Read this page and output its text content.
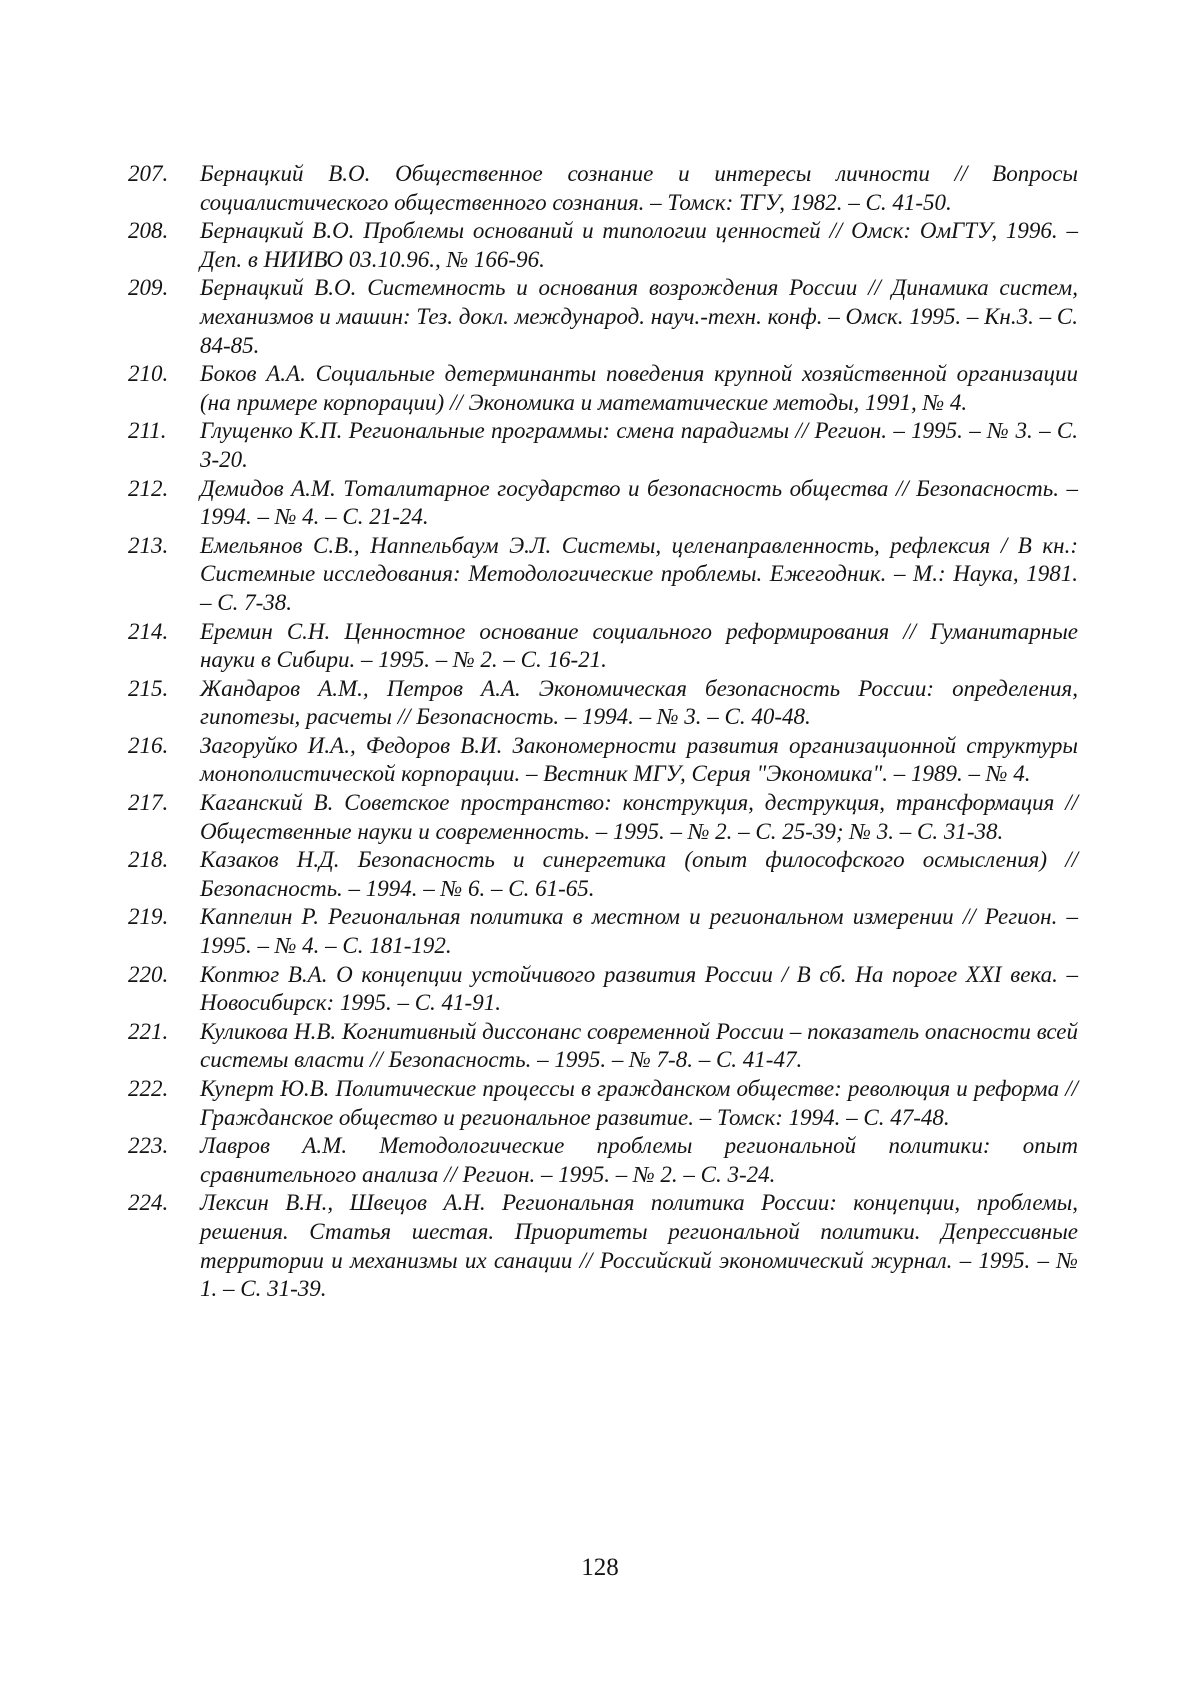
207.	Бернацкий В.О. Общественное сознание и интересы личности // Вопросы социалистического общественного сознания. – Томск: ТГУ, 1982. – С. 41-50.
208.	Бернацкий В.О. Проблемы оснований и типологии ценностей // Омск: ОмГТУ, 1996. – Деп. в НИИВО 03.10.96., № 166-96.
209.	Бернацкий В.О. Системность и основания возрождения России // Динамика систем, механизмов и машин: Тез. докл. международ. науч.-техн. конф. – Омск. 1995. – Кн.3. – С. 84-85.
210.	Боков А.А. Социальные детерминанты поведения крупной хозяйственной организации (на примере корпорации) // Экономика и математические методы, 1991, № 4.
211.	Глущенко К.П. Региональные программы: смена парадигмы // Регион. – 1995. – № 3. – С. 3-20.
212.	Демидов А.М. Тоталитарное государство и безопасность общества // Безопасность. – 1994. – № 4. – С. 21-24.
213.	Емельянов С.В., Наппельбаум Э.Л. Системы, целенаправленность, рефлексия / В кн.: Системные исследования: Методологические проблемы. Ежегодник. – М.: Наука, 1981. – С. 7-38.
214.	Еремин С.Н. Ценностное основание социального реформирования // Гуманитарные науки в Сибири. – 1995. – № 2. – С. 16-21.
215.	Жандаров А.М., Петров А.А. Экономическая безопасность России: определения, гипотезы, расчеты // Безопасность. – 1994. – № 3. – С. 40-48.
216.	Загоруйко И.А., Федоров В.И. Закономерности развития организационной структуры монополистической корпорации. – Вестник МГУ, Серия "Экономика". – 1989. – № 4.
217.	Каганский В. Советское пространство: конструкция, деструкция, трансформация // Общественные науки и современность. – 1995. – № 2. – С. 25-39; № 3. – С. 31-38.
218.	Казаков Н.Д. Безопасность и синергетика (опыт философского осмысления) // Безопасность. – 1994. – № 6. – С. 61-65.
219.	Каппелин Р. Региональная политика в местном и региональном измерении // Регион. – 1995. – № 4. – С. 181-192.
220.	Коптюг В.А. О концепции устойчивого развития России / В сб. На пороге XXI века. – Новосибирск: 1995. – С. 41-91.
221.	Куликова Н.В. Когнитивный диссонанс современной России – показатель опасности всей системы власти // Безопасность. – 1995. – № 7-8. – С. 41-47.
222.	Куперт Ю.В. Политические процессы в гражданском обществе: революция и реформа // Гражданское общество и региональное развитие. – Томск: 1994. – С. 47-48.
223.	Лавров А.М. Методологические проблемы региональной политики: опыт сравнительного анализа // Регион. – 1995. – № 2. – С. 3-24.
224.	Лексин В.Н., Швецов А.Н. Региональная политика России: концепции, проблемы, решения. Статья шестая. Приоритеты региональной политики. Депрессивные территории и механизмы их санации // Российский экономический журнал. – 1995. – № 1. – С. 31-39.
128
